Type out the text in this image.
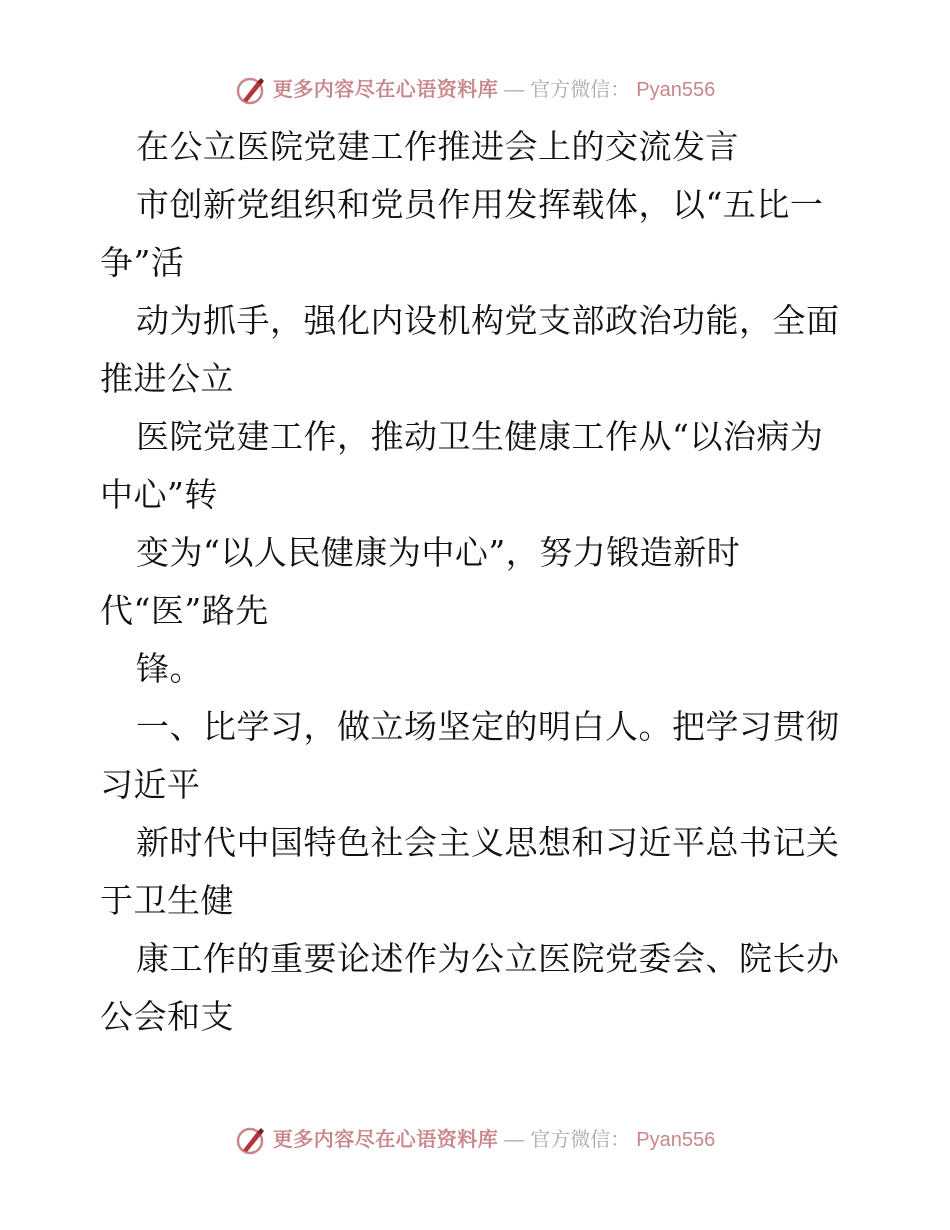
更多内容尽在心语资料库 — 官方微信： Pyan556
在公立医院党建工作推进会上的交流发言
市创新党组织和党员作用发挥载体，以“五比一
争”活
动为抓手，强化内设机构党支部政治功能，全面
推进公立
医院党建工作，推动卫生健康工作从“以治病为
中心”转
变为“以人民健康为中心”，努力锻造新时
代“医”路先
锋。
一、比学习，做立场坚定的明白人。把学习贯彻
习近平
新时代中国特色社会主义思想和习近平总书记关
于卫生健
康工作的重要论述作为公立医院党委会、院长办
公会和支
更多内容尽在心语资料库 — 官方微信： Pyan556
